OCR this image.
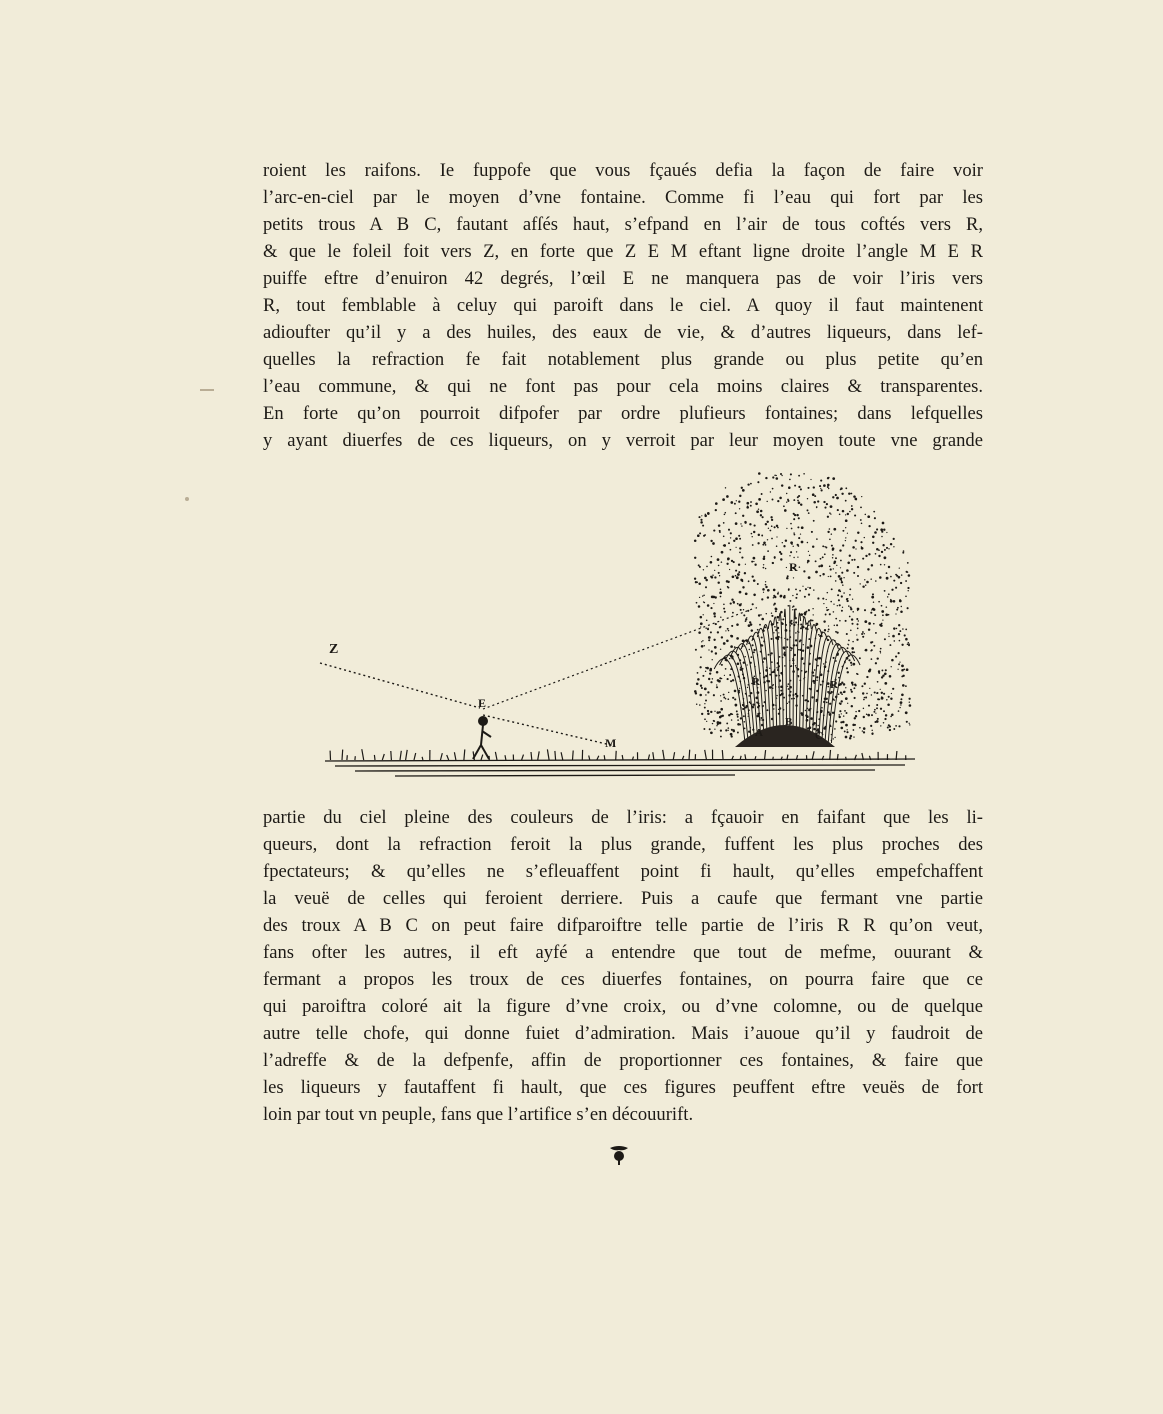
roient les raifons. Ie fuppofe que vous fçaués defia la façon de faire voir

l’arc-en-ciel par le moyen d’vne fontaine. Comme fi l’eau qui fort par les

petits trous A B C, fautant afſés haut, s’efpand en l’air de tous coftés vers R,

& que le foleil foit vers Z, en forte que Z E M eftant ligne droite l’angle M E R

puiffe eftre d’enuiron 42 degrés, l’œil E ne manquera pas de voir l’iris vers

R, tout femblable à celuy qui paroift dans le ciel. A quoy il faut maintenent

adioufter qu’il y a des huiles, des eaux de vie, & d’autres liqueurs, dans lef-

quelles la refraction fe fait notablement plus grande ou plus petite qu’en

l’eau commune, & qui ne font pas pour cela moins claires & transparentes.

En forte qu’on pourroit difpofer par ordre plufieurs fontaines; dans lefquelles

y ayant diuerfes de ces liqueurs, on y verroit par leur moyen toute vne grande

Z
E
M
R
R	R
A
B
C

partie du ciel pleine des couleurs de l’iris: a fçauoir en faifant que les li-

queurs, dont la refraction feroit la plus grande, fuffent les plus proches des

fpectateurs; & qu’elles ne s’efleuaffent point fi hault, qu’elles empefchaffent

la veuë de celles qui feroient derriere. Puis a caufe que fermant vne partie

des troux A B C on peut faire difparoiftre telle partie de l’iris R R qu’on veut,

fans ofter les autres, il eft ayfé a entendre que tout de mefme, ouurant &

fermant a propos les troux de ces diuerfes fontaines, on pourra faire que ce

qui paroiftra coloré ait la figure d’vne croix, ou d’vne colomne, ou de quelque

autre telle chofe, qui donne fuiet d’admiration. Mais i’auoue qu’il y faudroit de

l’adreffe & de la defpenfe, affin de proportionner ces fontaines, & faire que

les liqueurs y fautaffent fi hault, que ces figures peuffent eftre veuës de fort

loin par tout vn peuple, fans que l’artifice s’en découurift.
